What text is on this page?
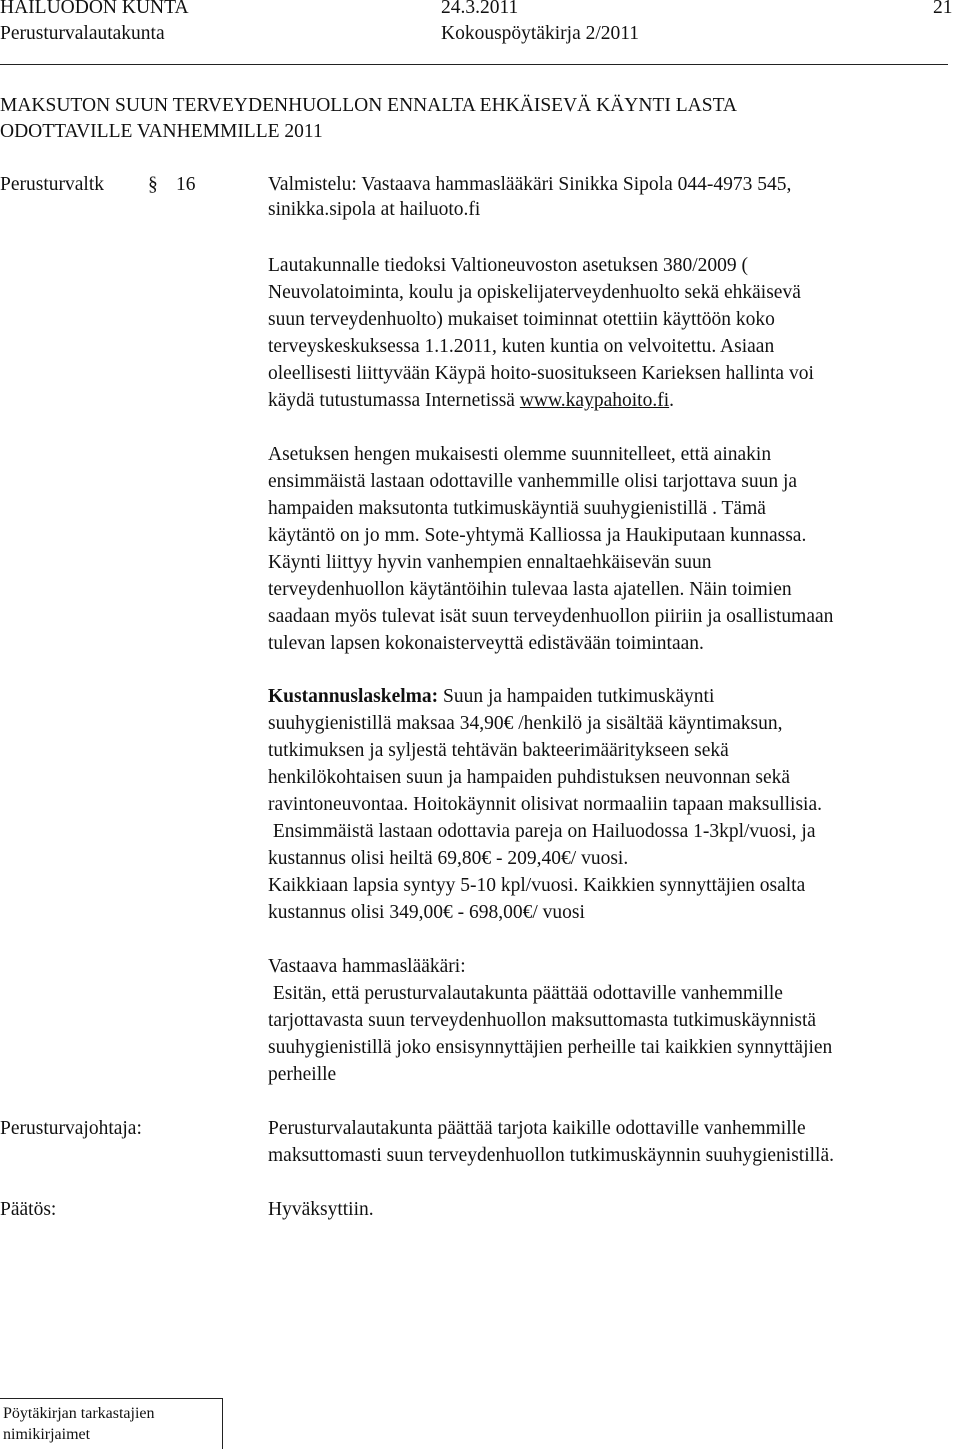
HAILUODON KUNTA	24.3.2011	21
Perusturvalautakunta	Kokouspöytäkirja 2/2011
MAKSUTON SUUN TERVEYDENHUOLLON ENNALTA EHKÄISEVÄ KÄYNTI LASTA
ODOTTAVILLE VANHEMMILLE 2011
Perusturvaltk § 16	Valmistelu: Vastaava hammaslääkäri Sinikka Sipola 044-4973 545,
sinikka.sipola at hailuoto.fi
Lautakunnalle tiedoksi Valtioneuvoston asetuksen 380/2009 (
Neuvolatoiminta, koulu ja opiskelijaterveydenhuolto sekä ehkäisevä
suun terveydenhuolto) mukaiset toiminnat otettiin käyttöön koko
terveyskeskuksessa 1.1.2011, kuten kuntia on velvoitettu. Asiaan
oleellisesti liittyvään Käypä hoito-suositukseen Karieksen hallinta voi
käydä tutustumassa Internetissä www.kaypahoito.fi.
Asetuksen hengen mukaisesti olemme suunnitelleet, että ainakin
ensimmäistä lastaan odottaville vanhemmille olisi tarjottava suun ja
hampaiden maksutonta tutkimuskäyntiä suuhygienistillä . Tämä
käytäntö on jo mm. Sote-yhtymä Kalliossa ja Haukiputaan kunnassa.
Käynti liittyy hyvin vanhempien ennaltaehkäisevän suun
terveydenhuollon käytäntöihin tulevaa lasta ajatellen. Näin toimien
saadaan myös tulevat isät suun terveydenhuollon piiriin ja osallistumaan
tulevan lapsen kokonaisterveyttä edistävään toimintaan.
Kustannuslaskelma: Suun ja hampaiden tutkimuskäynti
suuhygienistillä maksaa 34,90€ /henkilö ja sisältää käyntimaksun,
tutkimuksen ja syljestä tehtävän bakteerimääritykseen sekä
henkilökohtaisen suun ja hampaiden puhdistuksen neuvonnan sekä
ravintoneuvontaa. Hoitokäynnit olisivat normaaliin tapaan maksullisia.
Ensimmäistä lastaan odottavia pareja on Hailuodossa 1-3kpl/vuosi, ja
kustannus olisi heiltä 69,80€ - 209,40€/ vuosi.
Kaikkiaan lapsia syntyy 5-10 kpl/vuosi. Kaikkien synnyttäjien osalta
kustannus olisi 349,00€ - 698,00€/ vuosi
Vastaava hammaslääkäri:
Esitän, että perusturvalautakunta päättää odottaville vanhemmille
tarjottavasta suun terveydenhuollon maksuttomasta tutkimuskäynnistä
suuhygienistillä joko ensisynnyttäjien perheille tai kaikkien synnyttäjien
perheille
Perusturvajohtaja:	Perusturvalautakunta päättää tarjota kaikille odottaville vanhemmille
maksuttomasti suun terveydenhuollon tutkimuskäynnin suuhygienistillä.
Päätös:	Hyväksyttiin.
Pöytäkirjan tarkastajien
nimikirjaimet
